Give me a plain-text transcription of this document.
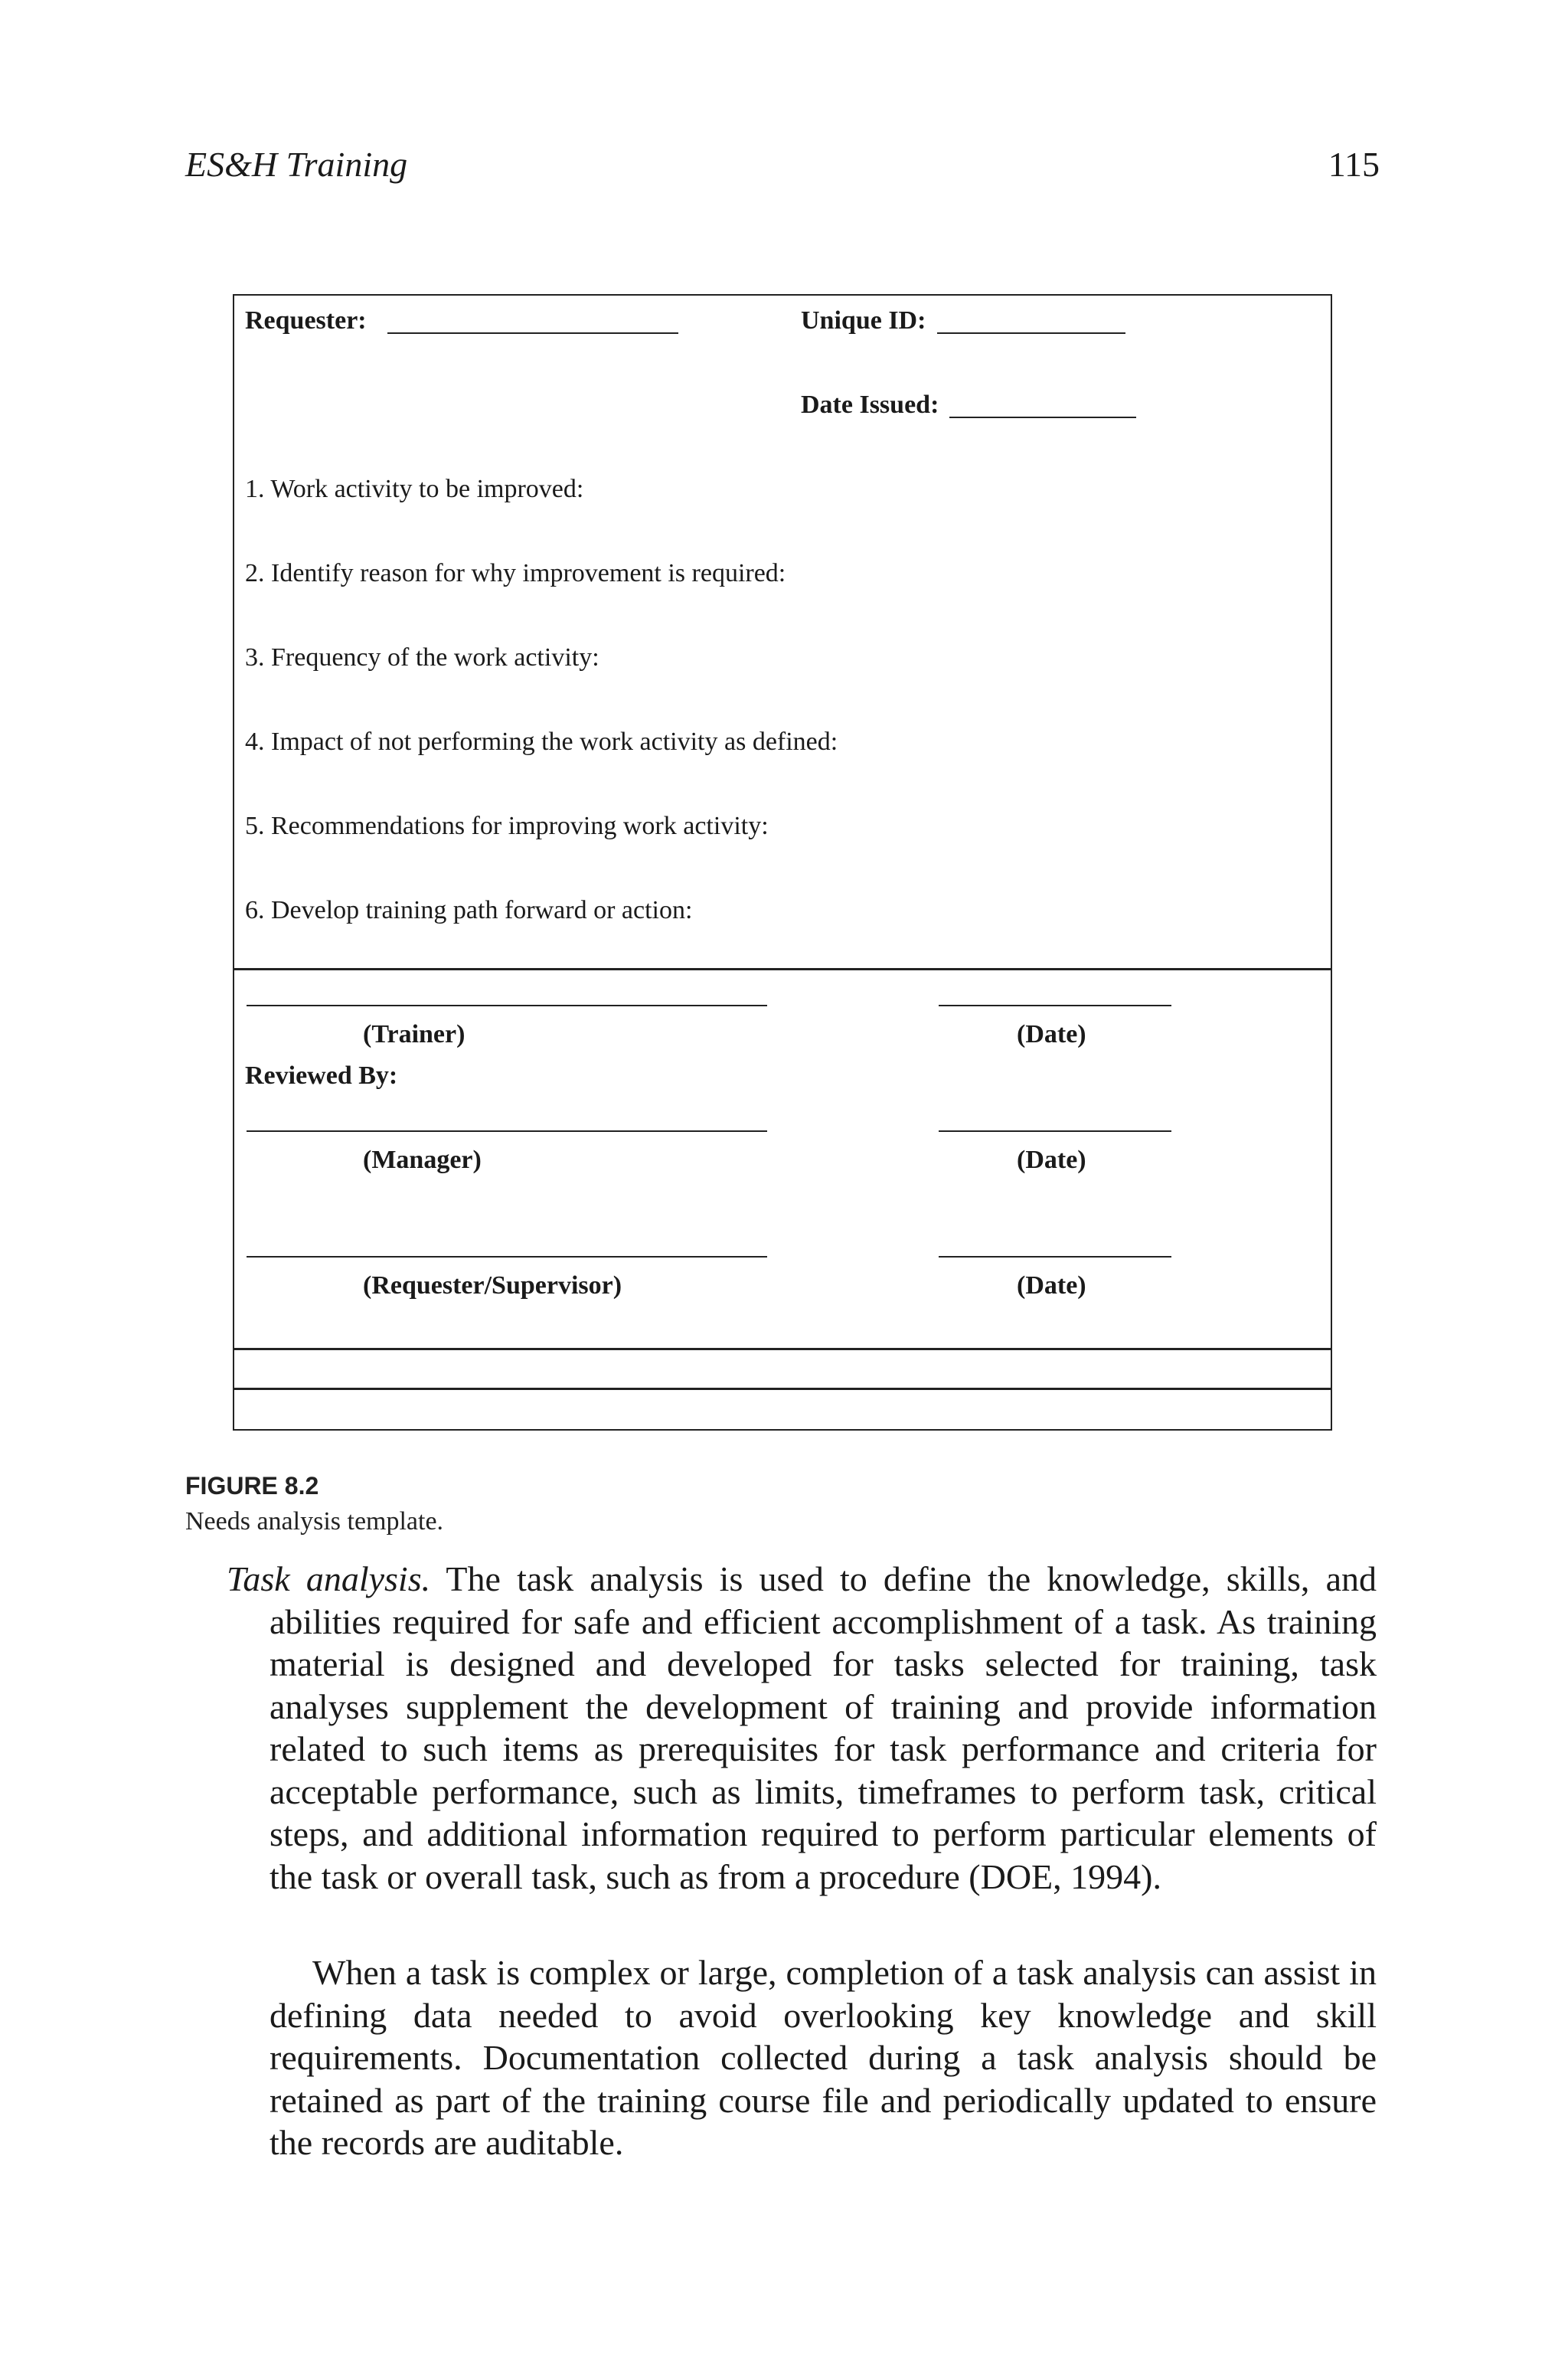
ES&H Training	115
Requester:	Unique ID:
Date Issued:
1. Work activity to be improved:
2. Identify reason for why improvement is required:
3. Frequency of the work activity:
4. Impact of not performing the work activity as defined:
5. Recommendations for improving work activity:
6. Develop training path forward or action:
(Trainer)	(Date)
Reviewed By:
(Manager)	(Date)
(Requester/Supervisor)	(Date)
FIGURE 8.2
Needs analysis template.
Task analysis. The task analysis is used to define the knowledge, skills, and abilities required for safe and efficient accomplishment of a task. As training material is designed and developed for tasks selected for training, task analyses supplement the development of training and provide information related to such items as prerequisites for task performance and criteria for acceptable performance, such as limits, timeframes to perform task, critical steps, and additional information required to perform particular elements of the task or overall task, such as from a procedure (DOE, 1994).
When a task is complex or large, completion of a task analysis can assist in defining data needed to avoid overlooking key knowledge and skill requirements. Documentation collected during a task analysis should be retained as part of the training course file and periodically updated to ensure the records are auditable.
